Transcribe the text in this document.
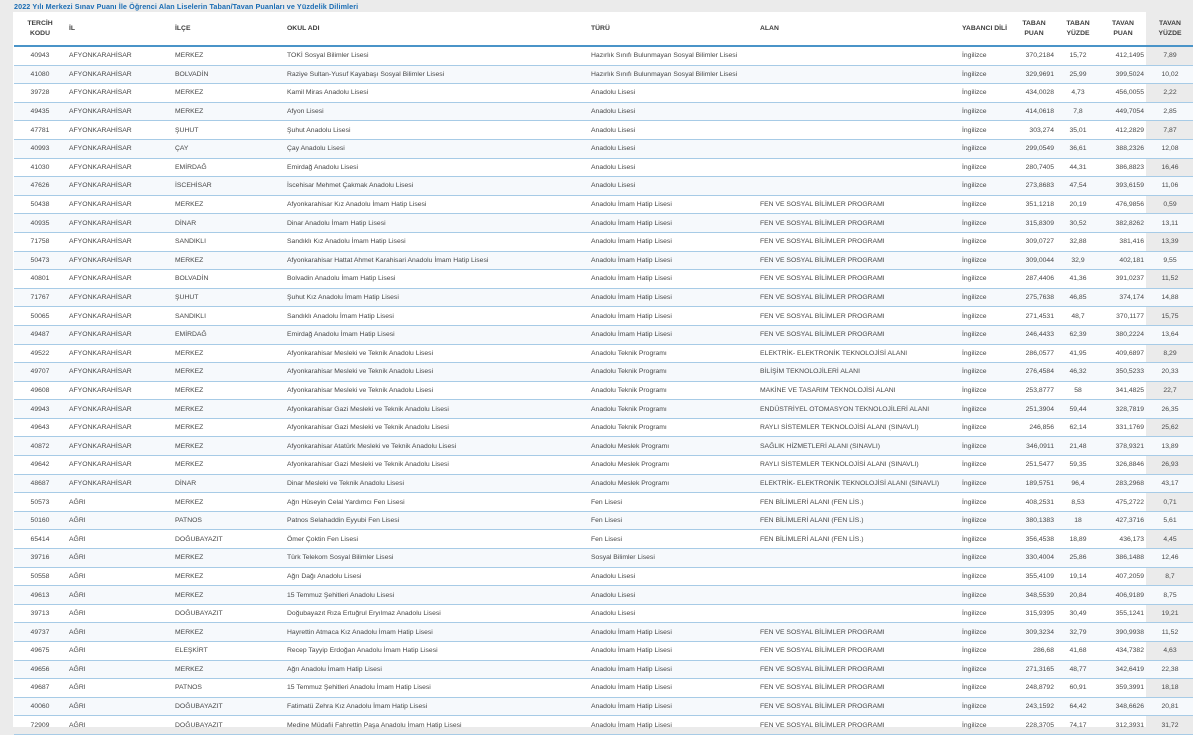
2022 Yılı Merkezi Sınav Puanı İle Öğrenci Alan Liselerin Taban/Tavan Puanları ve Yüzdelik Dilimleri
TERCİH KODU	İL	İLÇE	OKUL ADI	TÜRÜ	ALAN	YABANCI DİLİ	TABAN PUAN	TABAN YÜZDE	TAVAN PUAN	TAVAN YÜZDE
40943	AFYONKARAHİSAR	MERKEZ	TOKİ Sosyal Bilimler Lisesi	Hazırlık Sınıfı Bulunmayan Sosyal Bilimler Lisesi		İngilizce	370,2184	15,72	412,1495	7,89
41080	AFYONKARAHİSAR	BOLVADİN	Raziye Sultan-Yusuf Kayabaşı Sosyal Bilimler Lisesi	Hazırlık Sınıfı Bulunmayan Sosyal Bilimler Lisesi		İngilizce	329,9691	25,99	399,5024	10,02
39728	AFYONKARAHİSAR	MERKEZ	Kamil Miras Anadolu Lisesi	Anadolu Lisesi		İngilizce	434,0028	4,73	456,0055	2,22
49435	AFYONKARAHİSAR	MERKEZ	Afyon Lisesi	Anadolu Lisesi		İngilizce	414,0618	7,8	449,7054	2,85
47781	AFYONKARAHİSAR	ŞUHUT	Şuhut Anadolu Lisesi	Anadolu Lisesi		İngilizce	303,274	35,01	412,2829	7,87
40993	AFYONKARAHİSAR	ÇAY	Çay Anadolu Lisesi	Anadolu Lisesi		İngilizce	299,0549	36,61	388,2326	12,08
41030	AFYONKARAHİSAR	EMİRDAĞ	Emirdağ Anadolu Lisesi	Anadolu Lisesi		İngilizce	280,7405	44,31	386,8823	16,46
47626	AFYONKARAHİSAR	İSCEHİSAR	İscehisar Mehmet Çakmak Anadolu Lisesi	Anadolu Lisesi		İngilizce	273,8683	47,54	393,6159	11,06
50438	AFYONKARAHİSAR	MERKEZ	Afyonkarahisar Kız Anadolu İmam Hatip Lisesi	Anadolu İmam Hatip Lisesi	FEN VE SOSYAL BİLİMLER PROGRAMI	İngilizce	351,1218	20,19	476,9856	0,59
40935	AFYONKARAHİSAR	DİNAR	Dinar Anadolu İmam Hatip Lisesi	Anadolu İmam Hatip Lisesi	FEN VE SOSYAL BİLİMLER PROGRAMI	İngilizce	315,8309	30,52	382,8262	13,11
71758	AFYONKARAHİSAR	SANDIKLI	Sandıklı Kız Anadolu İmam Hatip Lisesi	Anadolu İmam Hatip Lisesi	FEN VE SOSYAL BİLİMLER PROGRAMI	İngilizce	309,0727	32,88	381,416	13,39
50473	AFYONKARAHİSAR	MERKEZ	Afyonkarahisar Hattat Ahmet Karahisari Anadolu İmam Hatip Lisesi	Anadolu İmam Hatip Lisesi	FEN VE SOSYAL BİLİMLER PROGRAMI	İngilizce	309,0044	32,9	402,181	9,55
40801	AFYONKARAHİSAR	BOLVADİN	Bolvadin Anadolu İmam Hatip Lisesi	Anadolu İmam Hatip Lisesi	FEN VE SOSYAL BİLİMLER PROGRAMI	İngilizce	287,4406	41,36	391,0237	11,52
71767	AFYONKARAHİSAR	ŞUHUT	Şuhut Kız Anadolu İmam Hatip Lisesi	Anadolu İmam Hatip Lisesi	FEN VE SOSYAL BİLİMLER PROGRAMI	İngilizce	275,7638	46,85	374,174	14,88
50065	AFYONKARAHİSAR	SANDIKLI	Sandıklı Anadolu İmam Hatip Lisesi	Anadolu İmam Hatip Lisesi	FEN VE SOSYAL BİLİMLER PROGRAMI	İngilizce	271,4531	48,7	370,1177	15,75
49487	AFYONKARAHİSAR	EMİRDAĞ	Emirdağ Anadolu İmam Hatip Lisesi	Anadolu İmam Hatip Lisesi	FEN VE SOSYAL BİLİMLER PROGRAMI	İngilizce	246,4433	62,39	380,2224	13,64
49522	AFYONKARAHİSAR	MERKEZ	Afyonkarahisar Mesleki ve Teknik Anadolu Lisesi	Anadolu Teknik Programı	ELEKTRİK- ELEKTRONİK TEKNOLOJİSİ ALANI	İngilizce	286,0577	41,95	409,6897	8,29
49707	AFYONKARAHİSAR	MERKEZ	Afyonkarahisar Mesleki ve Teknik Anadolu Lisesi	Anadolu Teknik Programı	BİLİŞİM TEKNOLOJİLERİ ALANI	İngilizce	276,4584	46,32	350,5233	20,33
49608	AFYONKARAHİSAR	MERKEZ	Afyonkarahisar Mesleki ve Teknik Anadolu Lisesi	Anadolu Teknik Programı	MAKİNE VE TASARIM TEKNOLOJİSİ ALANI	İngilizce	253,8777	58	341,4825	22,7
49943	AFYONKARAHİSAR	MERKEZ	Afyonkarahisar Gazi Mesleki ve Teknik Anadolu Lisesi	Anadolu Teknik Programı	ENDÜSTRİYEL OTOMASYON TEKNOLOJİLERİ ALANI	İngilizce	251,3904	59,44	328,7819	26,35
49643	AFYONKARAHİSAR	MERKEZ	Afyonkarahisar Gazi Mesleki ve Teknik Anadolu Lisesi	Anadolu Teknik Programı	RAYLI SİSTEMLER TEKNOLOJİSİ ALANI (SINAVLI)	İngilizce	246,856	62,14	331,1769	25,62
40872	AFYONKARAHİSAR	MERKEZ	Afyonkarahisar Atatürk Mesleki ve Teknik Anadolu Lisesi	Anadolu Meslek Programı	SAĞLIK HİZMETLERİ ALANI (SINAVLI)	İngilizce	346,0911	21,48	378,9321	13,89
49642	AFYONKARAHİSAR	MERKEZ	Afyonkarahisar Gazi Mesleki ve Teknik Anadolu Lisesi	Anadolu Meslek Programı	RAYLI SİSTEMLER TEKNOLOJİSİ ALANI (SINAVLI)	İngilizce	251,5477	59,35	326,8846	26,93
48687	AFYONKARAHİSAR	DİNAR	Dinar Mesleki ve Teknik Anadolu Lisesi	Anadolu Meslek Programı	ELEKTRİK- ELEKTRONİK TEKNOLOJİSİ ALANI (SINAVLI)	İngilizce	189,5751	96,4	283,2968	43,17
50573	AĞRI	MERKEZ	Ağrı Hüseyin Celal Yardımcı Fen Lisesi	Fen Lisesi	FEN BİLİMLERİ ALANI (FEN LİS.)	İngilizce	408,2531	8,53	475,2722	0,71
50160	AĞRI	PATNOS	Patnos Selahaddin Eyyubi Fen Lisesi	Fen Lisesi	FEN BİLİMLERİ ALANI (FEN LİS.)	İngilizce	380,1383	18	427,3716	5,61
65414	AĞRI	DOĞUBAYAZIT	Ömer Çoktin Fen Lisesi	Fen Lisesi	FEN BİLİMLERİ ALANI (FEN LİS.)	İngilizce	356,4538	18,89	436,173	4,45
39716	AĞRI	MERKEZ	Türk Telekom Sosyal Bilimler Lisesi	Sosyal Bilimler Lisesi		İngilizce	330,4004	25,86	386,1488	12,46
50558	AĞRI	MERKEZ	Ağrı Dağı Anadolu Lisesi	Anadolu Lisesi		İngilizce	355,4109	19,14	407,2059	8,7
49613	AĞRI	MERKEZ	15 Temmuz Şehitleri Anadolu Lisesi	Anadolu Lisesi		İngilizce	348,5539	20,84	406,9189	8,75
39713	AĞRI	DOĞUBAYAZIT	Doğubayazıt Rıza Ertuğrul Eryılmaz Anadolu Lisesi	Anadolu Lisesi		İngilizce	315,9395	30,49	355,1241	19,21
49737	AĞRI	MERKEZ	Hayrettin Atmaca Kız Anadolu İmam Hatip Lisesi	Anadolu İmam Hatip Lisesi	FEN VE SOSYAL BİLİMLER PROGRAMI	İngilizce	309,3234	32,79	390,9938	11,52
49675	AĞRI	ELEŞKİRT	Recep Tayyip Erdoğan Anadolu İmam Hatip Lisesi	Anadolu İmam Hatip Lisesi	FEN VE SOSYAL BİLİMLER PROGRAMI	İngilizce	286,68	41,68	434,7382	4,63
49656	AĞRI	MERKEZ	Ağrı Anadolu İmam Hatip Lisesi	Anadolu İmam Hatip Lisesi	FEN VE SOSYAL BİLİMLER PROGRAMI	İngilizce	271,3165	48,77	342,6419	22,38
49687	AĞRI	PATNOS	15 Temmuz Şehitleri Anadolu İmam Hatip Lisesi	Anadolu İmam Hatip Lisesi	FEN VE SOSYAL BİLİMLER PROGRAMI	İngilizce	248,8792	60,91	359,3991	18,18
40060	AĞRI	DOĞUBAYAZIT	Fatimatü Zehra Kız Anadolu İmam Hatip Lisesi	Anadolu İmam Hatip Lisesi	FEN VE SOSYAL BİLİMLER PROGRAMI	İngilizce	243,1592	64,42	348,6626	20,81
72909	AĞRI	DOĞUBAYAZIT	Medine Müdafii Fahrettin Paşa Anadolu İmam Hatip Lisesi	Anadolu İmam Hatip Lisesi	FEN VE SOSYAL BİLİMLER PROGRAMI	İngilizce	228,3705	74,17	312,3931	31,72
